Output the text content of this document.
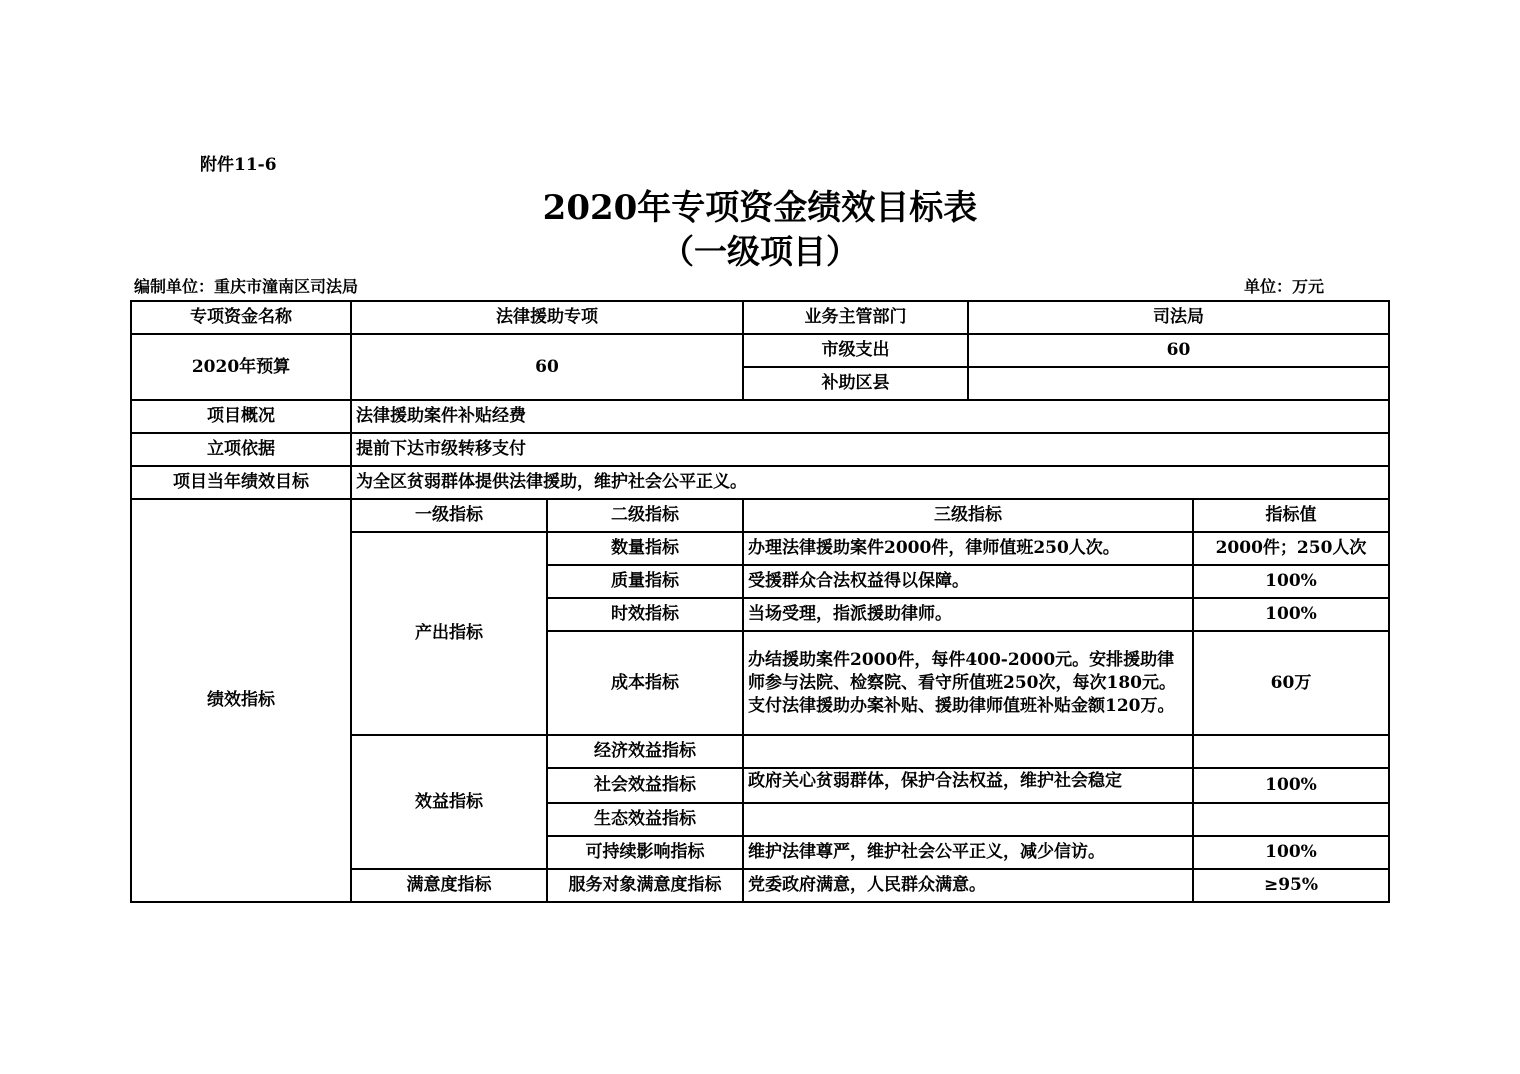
附件11-6
2020年专项资金绩效目标表
（一级项目）
编制单位：重庆市潼南区司法局	单位：万元
专项资金名称	法律援助专项		业务主管部门	司法局	
2020年预算	60		市级支出	60	
			补助区县		
项目概况	法律援助案件补贴经费				
立项依据	提前下达市级转移支付				
项目当年绩效目标	为全区贫弱群体提供法律援助，维护社会公平正义。				
绩效指标	一级指标	二级指标	三级指标		指标值
	产出指标	数量指标	办理法律援助案件2000件，律师值班250人次。		2000件；250人次
		质量指标	受援群众合法权益得以保障。		100%
		时效指标	当场受理，指派援助律师。		100%
		成本指标	办结援助案件2000件，每件400-2000元。安排援助律师参与法院、检察院、看守所值班250次，每次180元。支付法律援助办案补贴、援助律师值班补贴金额120万。		60万
	效益指标	经济效益指标			
		社会效益指标	政府关心贫弱群体，保护合法权益，维护社会稳定		100%
		生态效益指标			
		可持续影响指标	维护法律尊严，维护社会公平正义，减少信访。		100%
	满意度指标	服务对象满意度指标	党委政府满意，人民群众满意。		≥95%
